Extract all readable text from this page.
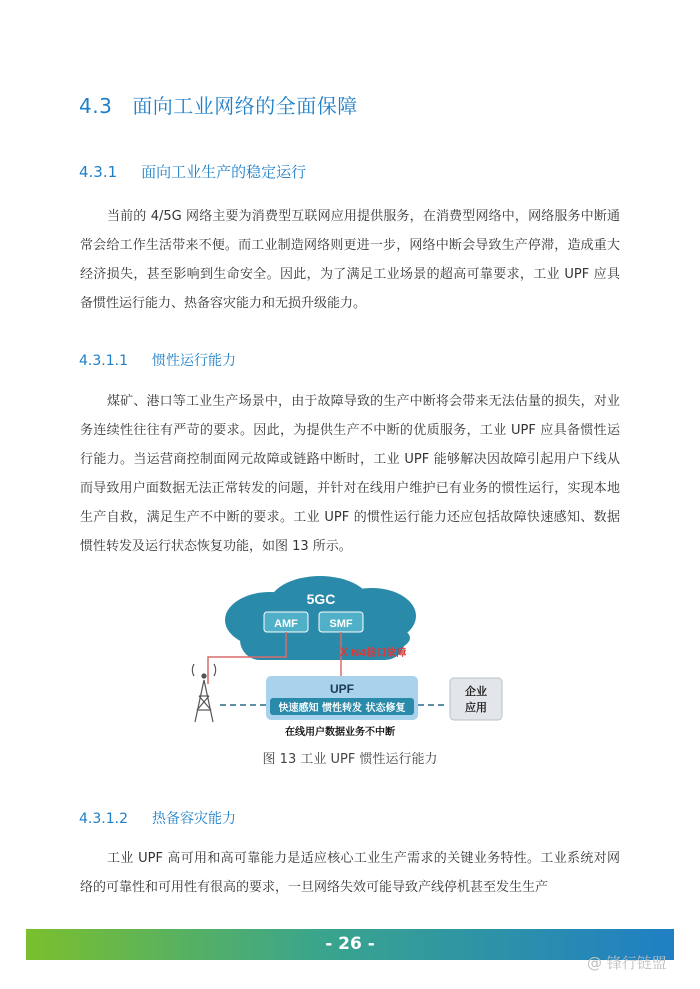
4.3 面向工业网络的全面保障
4.3.1 面向工业生产的稳定运行

当前的 4/5G 网络主要为消费型互联网应用提供服务，在消费型网络中，网络服务中断通常会给工作生活带来不便。而工业制造网络则更进一步，网络中断会导致生产停滞，造成重大经济损失，甚至影响到生命安全。因此，为了满足工业场景的超高可靠要求，工业 UPF 应具备惯性运行能力、热备容灾能力和无损升级能力。

4.3.1.1 惯性运行能力

煤矿、港口等工业生产场景中，由于故障导致的生产中断将会带来无法估量的损失，对业务连续性往往有严苛的要求。因此，为提供生产不中断的优质服务，工业 UPF 应具备惯性运行能力。当运营商控制面网元故障或链路中断时，工业 UPF 能够解决因故障引起用户下线从而导致用户面数据无法正常转发的问题，并针对在线用户维护已有业务的惯性运行，实现本地生产自救，满足生产不中断的要求。工业 UPF 的惯性运行能力还应包括故障快速感知、数据惯性转发及运行状态恢复功能，如图 13 所示。

5GC
AMF	SMF
X N4接口故障
UPF
快速感知 惯性转发 状态修复
企业
应用
在线用户数据业务不中断
图 13 工业 UPF 惯性运行能力
4.3.1.2 热备容灾能力

工业 UPF 高可用和高可靠能力是适应核心工业生产需求的关键业务特性。工业系统对网络的可靠性和可用性有很高的要求，一旦网络失效可能导致产线停机甚至发生生产

- 26 -
@ 锋行链盟
